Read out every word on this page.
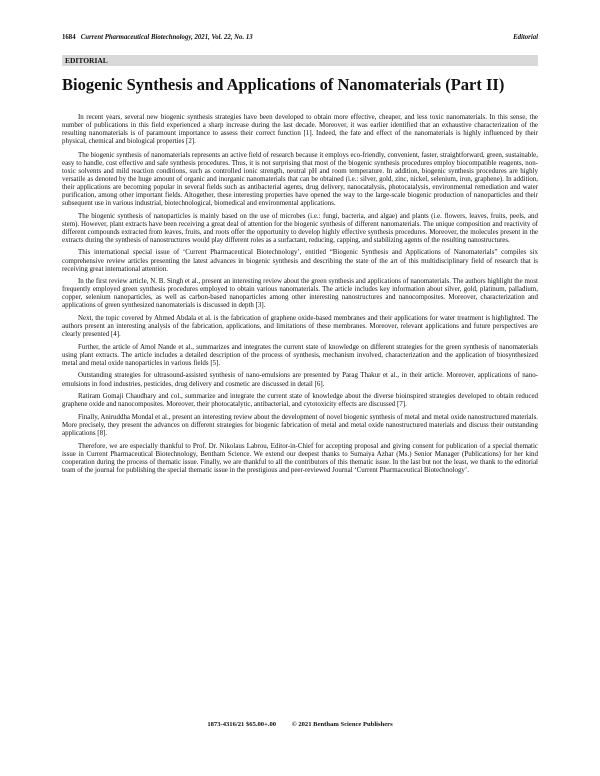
1684 Current Pharmaceutical Biotechnology, 2021, Vol. 22, No. 13	Editorial
EDITORIAL
Biogenic Synthesis and Applications of Nanomaterials (Part II)

In recent years, several new biogenic synthesis strategies have been developed to obtain more effective, cheaper, and less toxic nanomaterials. In this sense, the number of publications in this field experienced a sharp increase during the last decade. Moreover, it was earlier identified that an exhaustive characterization of the resulting nanomaterials is of paramount importance to assess their correct function [1]. Indeed, the fate and effect of the nanomaterials is highly influenced by their physical, chemical and biological properties [2].

The biogenic synthesis of nanomaterials represents an active field of research because it employs eco-friendly, convenient, faster, straightforward, green, sustainable, easy to handle, cost effective and safe synthesis procedures. Thus, it is not surprising that most of the biogenic synthesis procedures employ biocompatible reagents, non-toxic solvents and mild reaction conditions, such as controlled ionic strength, neutral pH and room temperature. In addition, biogenic synthesis procedures are highly versatile as denoted by the huge amount of organic and inorganic nanomaterials that can be obtained (i.e.: silver, gold, zinc, nickel, selenium, iron, graphene). In addition, their applications are becoming popular in several fields such as antibacterial agents, drug delivery, nanocatalysis, photocatalysis, environmental remediation and water purification, among other important fields. Altogether, these interesting properties have opened the way to the large-scale biogenic production of nanoparticles and their subsequent use in various industrial, biotechnological, biomedical and environmental applications.

The biogenic synthesis of nanoparticles is mainly based on the use of microbes (i.e.: fungi, bacteria, and algae) and plants (i.e. flowers, leaves, fruits, peels, and stem). However, plant extracts have been receiving a great deal of attention for the biogenic synthesis of different nanomaterials. The unique composition and reactivity of different compounds extracted from leaves, fruits, and roots offer the opportunity to develop highly effective synthesis procedures. Moreover, the molecules present in the extracts during the synthesis of nanostructures would play different roles as a surfactant, reducing, capping, and stabilizing agents of the resulting nanostructures.

This international special issue of ‘Current Pharmaceutical Biotechnology’, entitled “Biogenic Synthesis and Applications of Nanomaterials” compiles six comprehensive review articles presenting the latest advances in biogenic synthesis and describing the state of the art of this multidisciplinary field of research that is receiving great international attention.

In the first review article, N. B. Singh et al., present an interesting review about the green synthesis and applications of nanomaterials. The authors highlight the most frequently employed green synthesis procedures employed to obtain various nanomaterials. The article includes key information about silver, gold, platinum, palladium, copper, selenium nanoparticles, as well as carbon-based nanoparticles among other interesting nanostructures and nanocomposites. Moreover, characterization and applications of green synthesized nanomaterials is discussed in depth [3].

Next, the topic covered by Ahmed Abdala et al. is the fabrication of graphene oxide-based membranes and their applications for water treatment is highlighted. The authors present an interesting analysis of the fabrication, applications, and limitations of these membranes. Moreover, relevant applications and future perspectives are clearly presented [4].

Further, the article of Amol Nande et al., summarizes and integrates the current state of knowledge on different strategies for the green synthesis of nanomaterials using plant extracts. The article includes a detailed description of the process of synthesis, mechanism involved, characterization and the application of biosynthesized metal and metal oxide nanoparticles in various fields [5].

Outstanding strategies for ultrasound-assisted synthesis of nano-emulsions are presented by Parag Thakur et al., in their article. Moreover, applications of nano-emulsions in food industries, pesticides, drug delivery and cosmetic are discussed in detail [6].

Ratiram Gomaji Chaudhary and col., summarize and integrate the current state of knowledge about the diverse bioinspired strategies developed to obtain reduced graphene oxide and nanocomposites. Moreover, their photocatalytic, antibacterial, and cytotoxicity effects are discussed [7].

Finally, Aniruddha Mondal et al., present an interesting review about the development of novel biogenic synthesis of metal and metal oxide nanostructured materials. More precisely, they present the advances on different strategies for biogenic fabrication of metal and metal oxide nanostructured materials and discuss their outstanding applications [8].

Therefore, we are especially thankful to Prof. Dr. Nikolaus Labrou, Editor-in-Chief for accepting proposal and giving consent for publication of a special thematic issue in Current Pharmaceutical Biotechnology, Bentham Science. We extend our deepest thanks to Sumaiya Azhar (Ms.) Senior Manager (Publications) for her kind cooperation during the process of thematic issue. Finally, we are thankful to all the contributors of this thematic issue. In the last but not the least, we thank to the editorial team of the journal for publishing the special thematic issue in the prestigious and peer-reviewed Journal ‘Current Pharmaceutical Biotechnology’.

1873-4316/21 $65.00+.00 © 2021 Bentham Science Publishers
